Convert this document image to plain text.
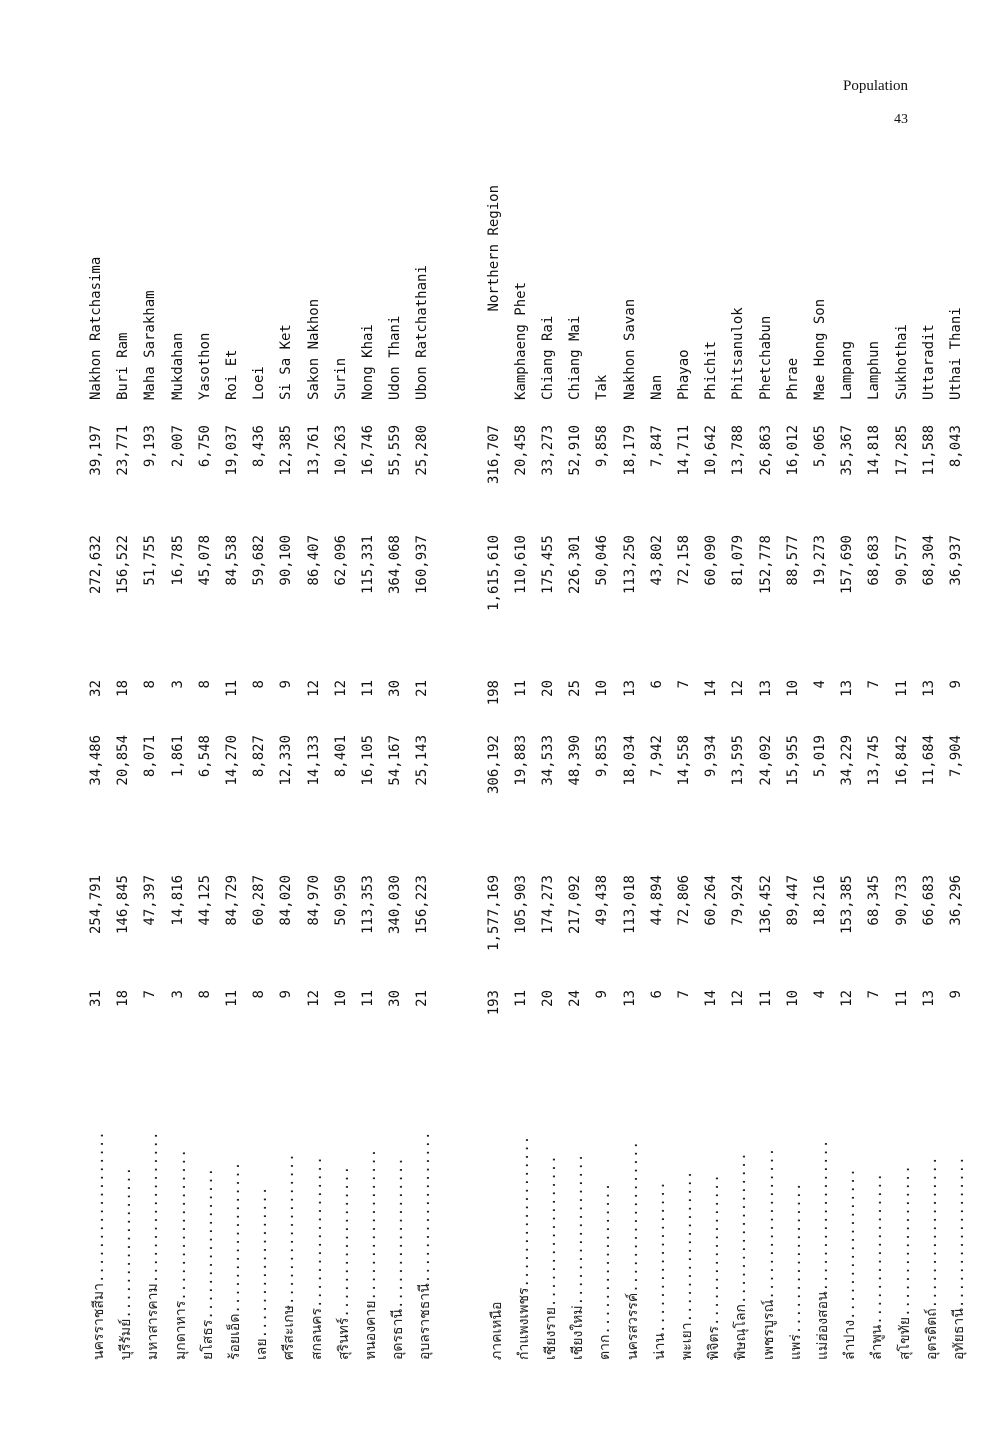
Population
43
นครราชสีมา..................
31
254,791
34,486
32
272,632
39,197
Nakhon Ratchasima
บุรีรัมย์..................
18
146,845
20,854
18
156,522
23,771
Buri Ram
มหาสารคาม..................
7
47,397
8,071
8
51,755
9,193
Maha Sarakham
มุกดาหาร..................
3
14,816
1,861
3
16,785
2,007
Mukdahan
ยโสธร..................
8
44,125
6,548
8
45,078
6,750
Yasothon
ร้อยเอ็ด..................
11
84,729
14,270
11
84,538
19,037
Roi Et
เลย..................
8
60,287
8,827
8
59,682
8,436
Loei
ศรีสะเกษ..................
9
84,020
12,330
9
90,100
12,385
Si Sa Ket
สกลนคร..................
12
84,970
14,133
12
86,407
13,761
Sakon Nakhon
สุรินทร์..................
10
50,950
8,401
12
62,096
10,263
Surin
หนองคาย..................
11
113,353
16,105
11
115,331
16,746
Nong Khai
อุดรธานี..................
30
340,030
54,167
30
364,068
55,559
Udon Thani
อุบลราชธานี..................
21
156,223
25,143
21
160,937
25,280
Ubon Ratchathani
ภาคเหนือ
193
1,577,169
306,192
198
1,615,610
316,707
Northern Region
กำแพงเพชร..................
11
105,903
19,883
11
110,610
20,458
Kamphaeng Phet
เชียงราย..................
20
174,273
34,533
20
175,455
33,273
Chiang Rai
เชียงใหม่..................
24
217,092
48,390
25
226,301
52,910
Chiang Mai
ตาก..................
9
49,438
9,853
10
50,046
9,858
Tak
นครสวรรค์..................
13
113,018
18,034
13
113,250
18,179
Nakhon Savan
น่าน..................
6
44,894
7,942
6
43,802
7,847
Nan
พะเยา..................
7
72,806
14,558
7
72,158
14,711
Phayao
พิจิตร..................
14
60,264
9,934
14
60,090
10,642
Phichit
พิษณุโลก..................
12
79,924
13,595
12
81,079
13,788
Phitsanulok
เพชรบูรณ์..................
11
136,452
24,092
13
152,778
26,863
Phetchabun
แพร่..................
10
89,447
15,955
10
88,577
16,012
Phrae
แม่ฮ่องสอน..................
4
18,216
5,019
4
19,273
5,065
Mae Hong Son
ลำปาง..................
12
153,385
34,229
13
157,690
35,367
Lampang
ลำพูน..................
7
68,345
13,745
7
68,683
14,818
Lamphun
สุโขทัย..................
11
90,733
16,842
11
90,577
17,285
Sukhothai
อุตรดิตถ์..................
13
66,683
11,684
13
68,304
11,588
Uttaradit
อุทัยธานี..................
9
36,296
7,904
9
36,937
8,043
Uthai Thani
